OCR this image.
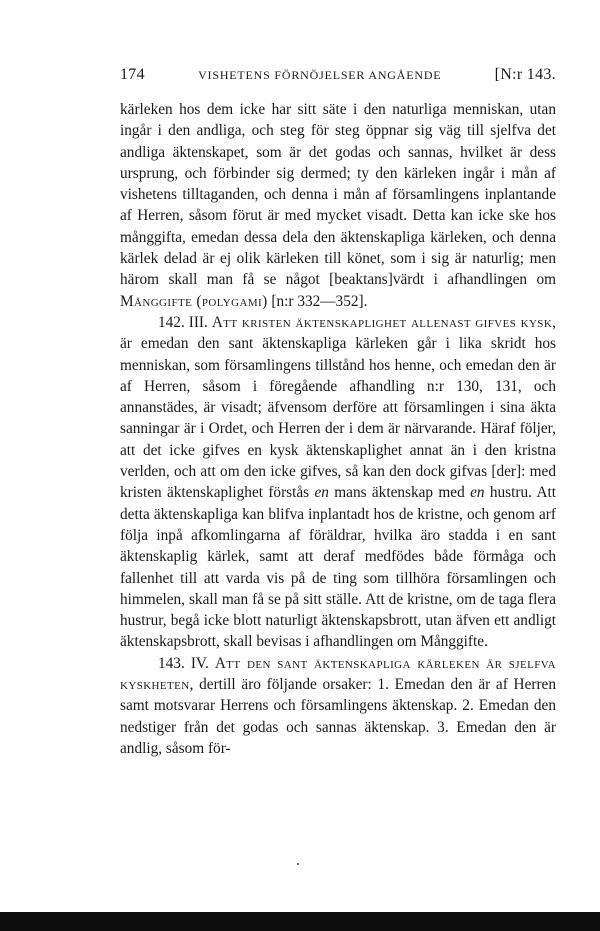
174	VISHETENS FÖRNÖJELSER ANGÅENDE	[N:r 143.

kärleken hos dem icke har sitt säte i den naturliga menniskan, utan ingår i den andliga, och steg för steg öppnar sig väg till sjelfva det andliga äktenskapet, som är det godas och sannas, hvilket är dess ursprung, och förbinder sig dermed; ty den kärleken ingår i mån af vishetens tilltaganden, och denna i mån af församlingens inplantande af Herren, såsom förut är med mycket visadt. Detta kan icke ske hos månggifta, emedan dessa dela den äktenskapliga kärleken, och denna kärlek delad är ej olik kärleken till könet, som i sig är naturlig; men härom skall man få se något [beaktans]värdt i afhandlingen om Månggifte (polygami) [n:r 332—352].

142. III. Att kristen äktenskaplighet allenast gifves kysk, är emedan den sant äktenskapliga kärleken går i lika skridt hos menniskan, som församlingens tillstånd hos henne, och emedan den är af Herren, såsom i föregående afhandling n:r 130, 131, och annanstädes, är visadt; äfvensom derföre att församlingen i sina äkta sanningar är i Ordet, och Herren der i dem är närvarande. Häraf följer, att det icke gifves en kysk äktenskaplighet annat än i den kristna verlden, och att om den icke gifves, så kan den dock gifvas [der]: med kristen äktenskaplighet förstås en mans äktenskap med en hustru. Att detta äktenskapliga kan blifva inplantadt hos de kristne, och genom arf följa inpå afkomlingarna af föräldrar, hvilka äro stadda i en sant äktenskaplig kärlek, samt att deraf medfödes både förmåga och fallenhet till att varda vis på de ting som tillhöra församlingen och himmelen, skall man få se på sitt ställe. Att de kristne, om de taga flera hustrur, begå icke blott naturligt äktenskapsbrott, utan äfven ett andligt äktenskapsbrott, skall bevisas i afhandlingen om Månggifte.

143. IV. Att den sant äktenskapliga kärleken är sjelfva kyskheten, dertill äro följande orsaker: 1. Emedan den är af Herren samt motsvarar Herrens och församlingens äktenskap. 2. Emedan den nedstiger från det godas och sannas äktenskap. 3. Emedan den är andlig, såsom för-
